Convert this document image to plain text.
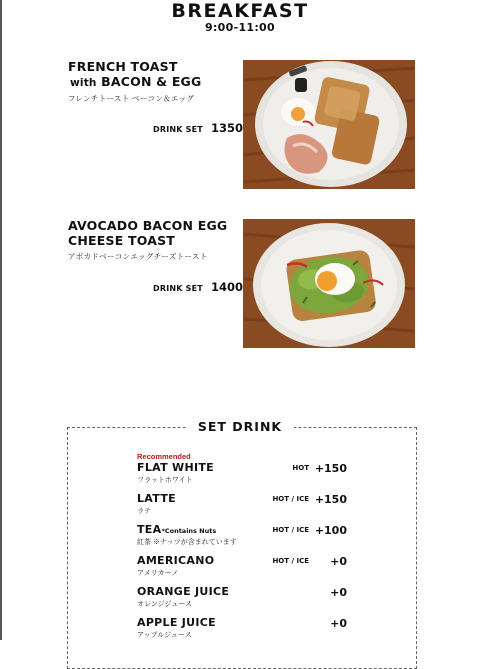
BREAKFAST
9:00-11:00
FRENCH TOAST
with BACON & EGG
フレンチトースト ベーコン＆エッグ
DRINK SET 1350
AVOCADO BACON EGG
CHEESE TOAST
アボカドベーコンエッグチーズトースト
DRINK SET 1400
SET DRINK
Recommended
FLAT WHITE
フラットホワイト
HOT +150
LATTE
ラテ
HOT / ICE +150
TEA*Contains Nuts
紅茶 ※ナッツが含まれています
HOT / ICE +100
AMERICANO
アメリカーノ
HOT / ICE +0
ORANGE JUICE
オレンジジュース
+0
APPLE JUICE
アップルジュース
+0
